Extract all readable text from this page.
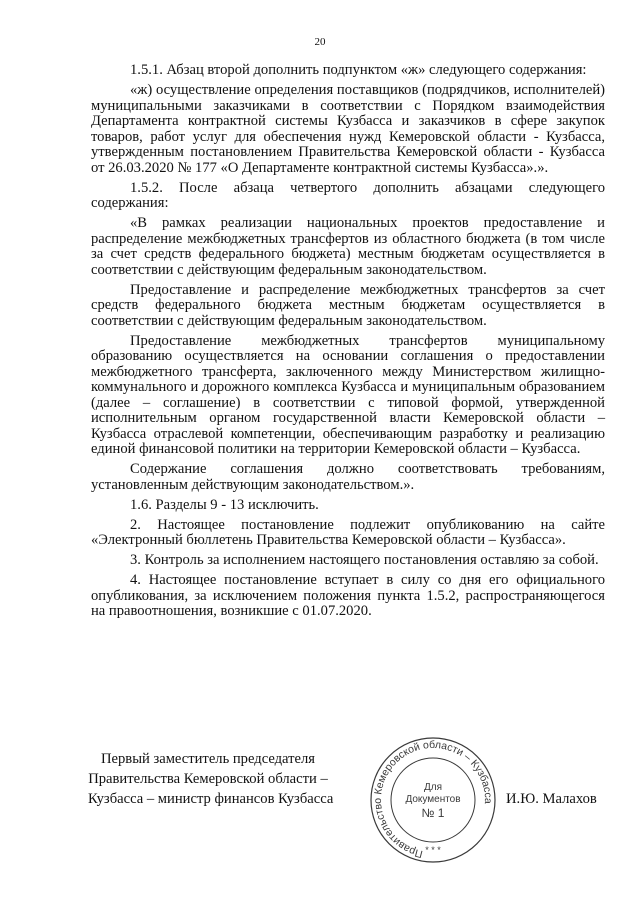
20

1.5.1. Абзац второй дополнить подпунктом «ж» следующего содержания:

«ж) осуществление определения поставщиков (подрядчиков, исполнителей) муниципальными заказчиками в соответствии с Порядком взаимодействия Департамента контрактной системы Кузбасса и заказчиков в сфере закупок товаров, работ услуг для обеспечения нужд Кемеровской области - Кузбасса, утвержденным постановлением Правительства Кемеровской области - Кузбасса от 26.03.2020 № 177 «О Департаменте контрактной системы Кузбасса».».

1.5.2. После абзаца четвертого дополнить абзацами следующего содержания:

«В рамках реализации национальных проектов предоставление и распределение межбюджетных трансфертов из областного бюджета (в том числе за счет средств федерального бюджета) местным бюджетам осуществляется в соответствии с действующим федеральным законодательством.

Предоставление и распределение межбюджетных трансфертов за счет средств федерального бюджета местным бюджетам осуществляется в соответствии с действующим федеральным законодательством.

Предоставление межбюджетных трансфертов муниципальному образованию осуществляется на основании соглашения о предоставлении межбюджетного трансферта, заключенного между Министерством жилищно-коммунального и дорожного комплекса Кузбасса и муниципальным образованием (далее – соглашение) в соответствии с типовой формой, утвержденной исполнительным органом государственной власти Кемеровской области – Кузбасса отраслевой компетенции, обеспечивающим разработку и реализацию единой финансовой политики на территории Кемеровской области – Кузбасса.

Содержание соглашения должно соответствовать требованиям, установленным действующим законодательством.».

1.6. Разделы 9 - 13 исключить.

2. Настоящее постановление подлежит опубликованию на сайте «Электронный бюллетень Правительства Кемеровской области – Кузбасса».

3. Контроль за исполнением настоящего постановления оставляю за собой.

4. Настоящее постановление вступает в силу со дня его официального опубликования, за исключением положения пункта 1.5.2, распространяющегося на правоотношения, возникшие с 01.07.2020.

Первый заместитель председателя
Правительства Кемеровской области –
Кузбасса – министр финансов Кузбасса	И.Ю. Малахов
Правительство Кемеровской области – Кузбасса
Для
Документов
№ 1
* * *
